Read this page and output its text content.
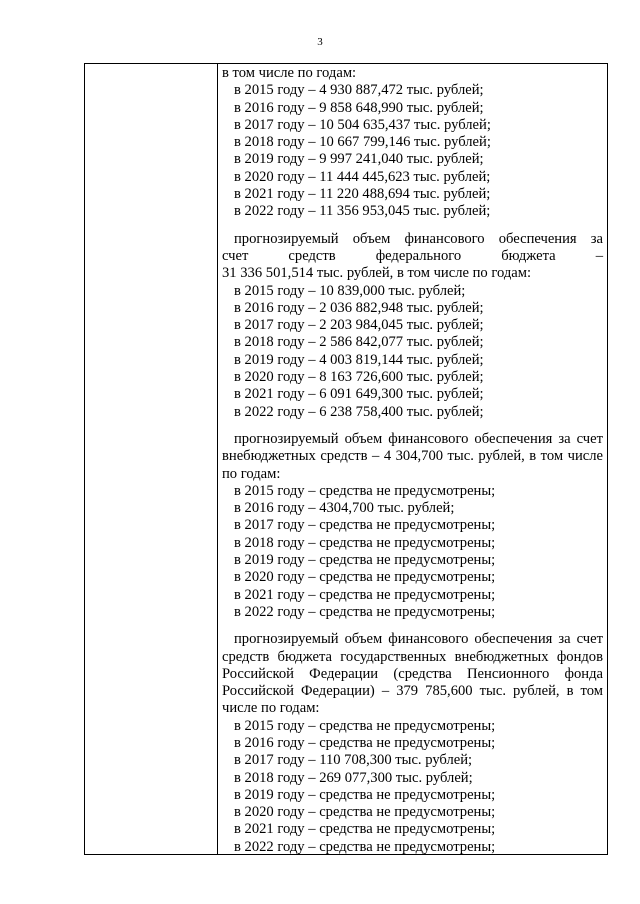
3
в том числе по годам:
в 2015 году – 4 930 887,472 тыс. рублей;
в 2016 году – 9 858 648,990 тыс. рублей;
в 2017 году – 10 504 635,437 тыс. рублей;
в 2018 году – 10 667 799,146 тыс. рублей;
в 2019 году – 9 997 241,040 тыс. рублей;
в 2020 году – 11 444 445,623 тыс. рублей;
в 2021 году – 11 220 488,694 тыс. рублей;
в 2022 году – 11 356 953,045 тыс. рублей;
прогнозируемый объем финансового обеспечения за
счет	средств	федерального	бюджета	–
31 336 501,514 тыс. рублей, в том числе по годам:
в 2015 году – 10 839,000 тыс. рублей;
в 2016 году – 2 036 882,948 тыс. рублей;
в 2017 году – 2 203 984,045 тыс. рублей;
в 2018 году – 2 586 842,077 тыс. рублей;
в 2019 году – 4 003 819,144 тыс. рублей;
в 2020 году – 8 163 726,600 тыс. рублей;
в 2021 году – 6 091 649,300 тыс. рублей;
в 2022 году – 6 238 758,400 тыс. рублей;
прогнозируемый объем финансового обеспечения за счет внебюджетных средств – 4 304,700 тыс. рублей, в том числе по годам:
в 2015 году – средства не предусмотрены;
в 2016 году – 4304,700 тыс. рублей;
в 2017 году – средства не предусмотрены;
в 2018 году – средства не предусмотрены;
в 2019 году – средства не предусмотрены;
в 2020 году – средства не предусмотрены;
в 2021 году – средства не предусмотрены;
в 2022 году – средства не предусмотрены;
прогнозируемый объем финансового обеспечения за счет средств бюджета государственных внебюджетных фондов Российской Федерации (средства Пенсионного фонда Российской Федерации) – 379 785,600 тыс. рублей, в том числе по годам:
в 2015 году – средства не предусмотрены;
в 2016 году – средства не предусмотрены;
в 2017 году – 110 708,300 тыс. рублей;
в 2018 году – 269 077,300 тыс. рублей;
в 2019 году – средства не предусмотрены;
в 2020 году – средства не предусмотрены;
в 2021 году – средства не предусмотрены;
в 2022 году – средства не предусмотрены;
